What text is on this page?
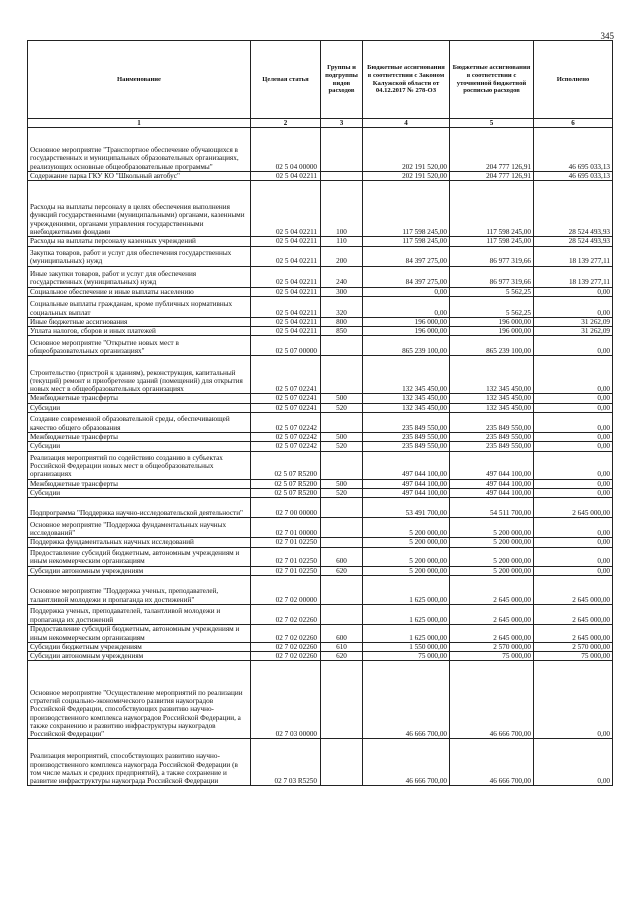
345
Наименование	Целевая статья	Группы и подгруппы видов расходов	Бюджетные ассигнования в соответствии с Законом Калужской области от 04.12.2017 № 278-ОЗ	Бюджетные ассигнования в соответствии с уточненной бюджетной росписью расходов	Исполнено
1	2	3	4	5	6
Основное мероприятие "Транспортное обеспечение обучающихся в государственных и муниципальных образовательных организациях, реализующих основные общеобразовательные программы"	02 5 04 00000		202 191 520,00	204 777 126,91	46 695 033,13
Содержание парка ГКУ КО "Школьный автобус"	02 5 04 02211		202 191 520,00	204 777 126,91	46 695 033,13
Расходы на выплаты персоналу в целях обеспечения выполнения функций государственными (муниципальными) органами, казенными учреждениями, органами управления государственными внебюджетными фондами	02 5 04 02211	100	117 598 245,00	117 598 245,00	28 524 493,93
Расходы на выплаты персоналу казенных учреждений	02 5 04 02211	110	117 598 245,00	117 598 245,00	28 524 493,93
Закупка товаров, работ и услуг для обеспечения государственных (муниципальных) нужд	02 5 04 02211	200	84 397 275,00	86 977 319,66	18 139 277,11
Иные закупки товаров, работ и услуг для обеспечения государственных (муниципальных) нужд	02 5 04 02211	240	84 397 275,00	86 977 319,66	18 139 277,11
Социальное обеспечение и иные выплаты населению	02 5 04 02211	300	0,00	5 562,25	0,00
Социальные выплаты гражданам, кроме публичных нормативных социальных выплат	02 5 04 02211	320	0,00	5 562,25	0,00
Иные бюджетные ассигнования	02 5 04 02211	800	196 000,00	196 000,00	31 262,09
Уплата налогов, сборов и иных платежей	02 5 04 02211	850	196 000,00	196 000,00	31 262,09
Основное мероприятие "Открытие новых мест в общеобразовательных организациях"	02 5 07 00000		865 239 100,00	865 239 100,00	0,00
Строительство (пристрой к зданиям), реконструкция, капитальный (текущий) ремонт и приобретение зданий (помещений) для открытия новых мест в общеобразовательных организациях	02 5 07 02241		132 345 450,00	132 345 450,00	0,00
Межбюджетные трансферты	02 5 07 02241	500	132 345 450,00	132 345 450,00	0,00
Субсидии	02 5 07 02241	520	132 345 450,00	132 345 450,00	0,00
Создание современной образовательной среды, обеспечивающей качество общего образования	02 5 07 02242		235 849 550,00	235 849 550,00	0,00
Межбюджетные трансферты	02 5 07 02242	500	235 849 550,00	235 849 550,00	0,00
Субсидии	02 5 07 02242	520	235 849 550,00	235 849 550,00	0,00
Реализация мероприятий по содействию созданию в субъектах Российской Федерации новых мест в общеобразовательных организациях	02 5 07 R5200		497 044 100,00	497 044 100,00	0,00
Межбюджетные трансферты	02 5 07 R5200	500	497 044 100,00	497 044 100,00	0,00
Субсидии	02 5 07 R5200	520	497 044 100,00	497 044 100,00	0,00
Подпрограмма "Поддержка научно-исследовательской деятельности"	02 7 00 00000		53 491 700,00	54 511 700,00	2 645 000,00
Основное мероприятие "Поддержка фундаментальных научных исследований"	02 7 01 00000		5 200 000,00	5 200 000,00	0,00
Поддержка фундаментальных научных исследований	02 7 01 02250		5 200 000,00	5 200 000,00	0,00
Предоставление субсидий бюджетным, автономным учреждениям и иным некоммерческим организациям	02 7 01 02250	600	5 200 000,00	5 200 000,00	0,00
Субсидии автономным учреждениям	02 7 01 02250	620	5 200 000,00	5 200 000,00	0,00
Основное мероприятие "Поддержка ученых, преподавателей, талантливой молодежи и пропаганда их достижений"	02 7 02 00000		1 625 000,00	2 645 000,00	2 645 000,00
Поддержка ученых, преподавателей, талантливой молодежи и пропаганда их достижений	02 7 02 02260		1 625 000,00	2 645 000,00	2 645 000,00
Предоставление субсидий бюджетным, автономным учреждениям и иным некоммерческим организациям	02 7 02 02260	600	1 625 000,00	2 645 000,00	2 645 000,00
Субсидии бюджетным учреждениям	02 7 02 02260	610	1 550 000,00	2 570 000,00	2 570 000,00
Субсидии автономным учреждениям	02 7 02 02260	620	75 000,00	75 000,00	75 000,00
Основное мероприятие "Осуществление мероприятий по реализации стратегий социально-экономического развития наукоградов Российской Федерации, способствующих развитию научно-производственного комплекса наукоградов Российской Федерации, а также сохранению и развитию инфраструктуры наукоградов Российской Федерации"	02 7 03 00000		46 666 700,00	46 666 700,00	0,00
Реализация мероприятий, способствующих развитию научно-производственного комплекса наукограда Российской Федерации (в том числе малых и средних предприятий), а также сохранение и развитие инфраструктуры наукограда Российской Федерации	02 7 03 R5250		46 666 700,00	46 666 700,00	0,00
